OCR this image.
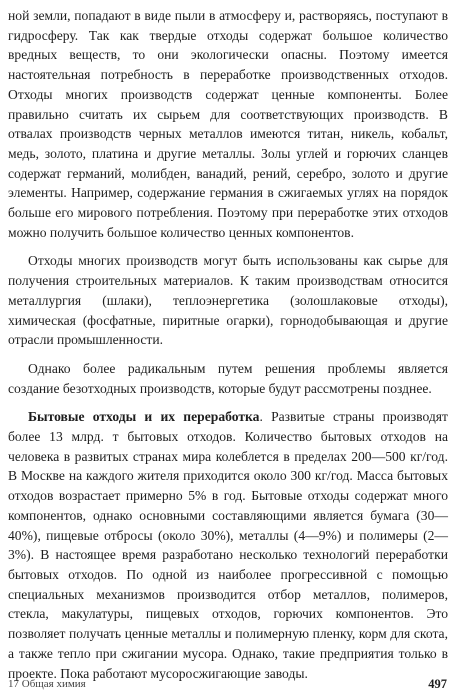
ной земли, попадают в виде пыли в атмосферу и, растворяясь, поступают в гидросферу. Так как твердые отходы содержат большое количество вредных веществ, то они экологически опасны. Поэтому имеется настоятельная потребность в переработке производственных отходов. Отходы многих производств содержат ценные компоненты. Более правильно считать их сырьем для соответствующих производств. В отвалах производств черных металлов имеются титан, никель, кобальт, медь, золото, платина и другие металлы. Золы углей и горючих сланцев содержат германий, молибден, ванадий, рений, серебро, золото и другие элементы. Например, содержание германия в сжигаемых углях на порядок больше его мирового потребления. Поэтому при переработке этих отходов можно получить большое количество ценных компонентов.

Отходы многих производств могут быть использованы как сырье для получения строительных материалов. К таким производствам относится металлургия (шлаки), теплоэнергетика (золошлаковые отходы), химическая (фосфатные, пиритные огарки), горнодобывающая и другие отрасли промышленности.

Однако более радикальным путем решения проблемы является создание безотходных производств, которые будут рассмотрены позднее.

Бытовые отходы и их переработка. Развитые страны производят более 13 млрд. т бытовых отходов. Количество бытовых отходов на человека в развитых странах мира колеблется в пределах 200—500 кг/год. В Москве на каждого жителя приходится около 300 кг/год. Масса бытовых отходов возрастает примерно 5% в год. Бытовые отходы содержат много компонентов, однако основными составляющими является бумага (30—40%), пищевые отбросы (около 30%), металлы (4—9%) и полимеры (2—3%). В настоящее время разработано несколько технологий переработки бытовых отходов. По одной из наиболее прогрессивной с помощью специальных механизмов производится отбор металлов, полимеров, стекла, макулатуры, пищевых отходов, горючих компонентов. Это позволяет получать ценные металлы и полимерную пленку, корм для скота, а также тепло при сжигании мусора. Однако, такие предприятия только в проекте. Пока работают мусоросжигающие заводы.

17 Общая химия	497
